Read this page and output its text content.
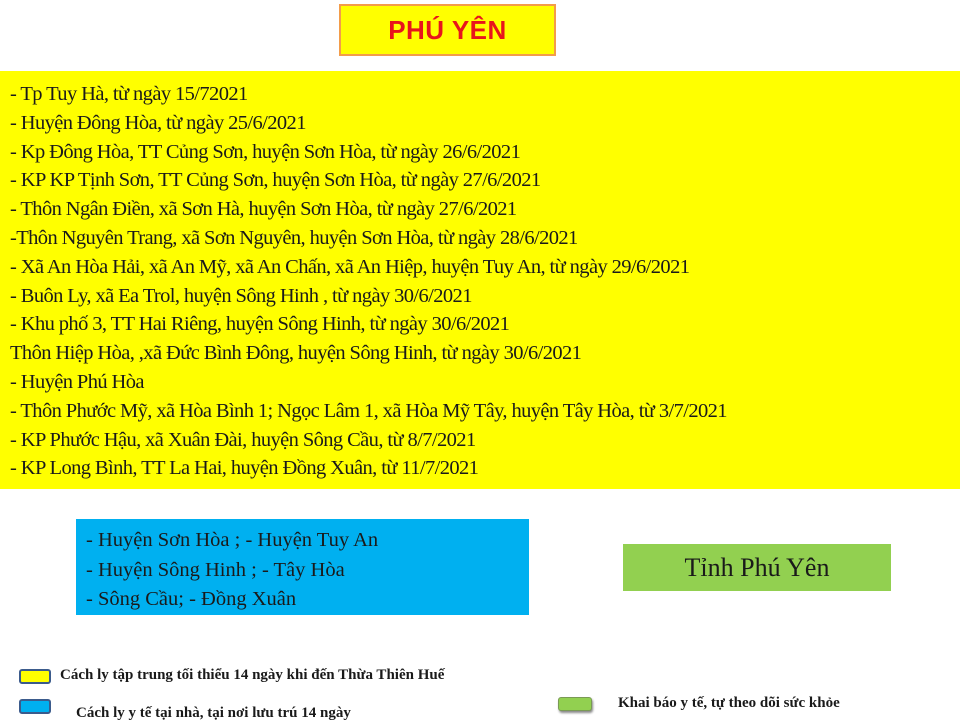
PHÚ YÊN
- Tp Tuy Hà, từ ngày 15/72021
- Huyện Đông Hòa, từ ngày 25/6/2021
- Kp Đông Hòa, TT Củng Sơn, huyện Sơn Hòa, từ ngày 26/6/2021
- KP KP Tịnh Sơn, TT Củng Sơn, huyện Sơn Hòa, từ ngày 27/6/2021
- Thôn Ngân Điền, xã Sơn Hà, huyện Sơn Hòa, từ ngày 27/6/2021
-Thôn Nguyên Trang, xã Sơn Nguyên, huyện Sơn Hòa, từ ngày 28/6/2021
- Xã An Hòa Hải, xã An Mỹ, xã An Chấn, xã An Hiệp, huyện Tuy An, từ ngày 29/6/2021
- Buôn Ly, xã Ea Trol, huyện Sông Hinh , từ ngày 30/6/2021
- Khu phố 3, TT Hai Riêng, huyện Sông Hinh, từ ngày 30/6/2021
Thôn Hiệp Hòa, ,xã Đức Bình Đông, huyện Sông Hinh, từ ngày 30/6/2021
- Huyện Phú Hòa
- Thôn Phước Mỹ, xã Hòa Bình 1; Ngọc Lâm 1, xã Hòa Mỹ Tây, huyện Tây Hòa, từ 3/7/2021
- KP Phước Hậu, xã Xuân Đài, huyện Sông Cầu, từ 8/7/2021
- KP Long Bình, TT La Hai, huyện Đồng Xuân, từ 11/7/2021
- Huyện Sơn Hòa ; - Huyện Tuy An
- Huyện Sông Hinh ; - Tây Hòa
- Sông Cầu; - Đồng Xuân
Tỉnh Phú Yên
Cách ly tập trung tối thiểu 14 ngày khi đến Thừa Thiên Huế
Cách ly y tế tại nhà, tại nơi lưu trú 14 ngày
Khai báo y tế, tự theo dõi sức khỏe
